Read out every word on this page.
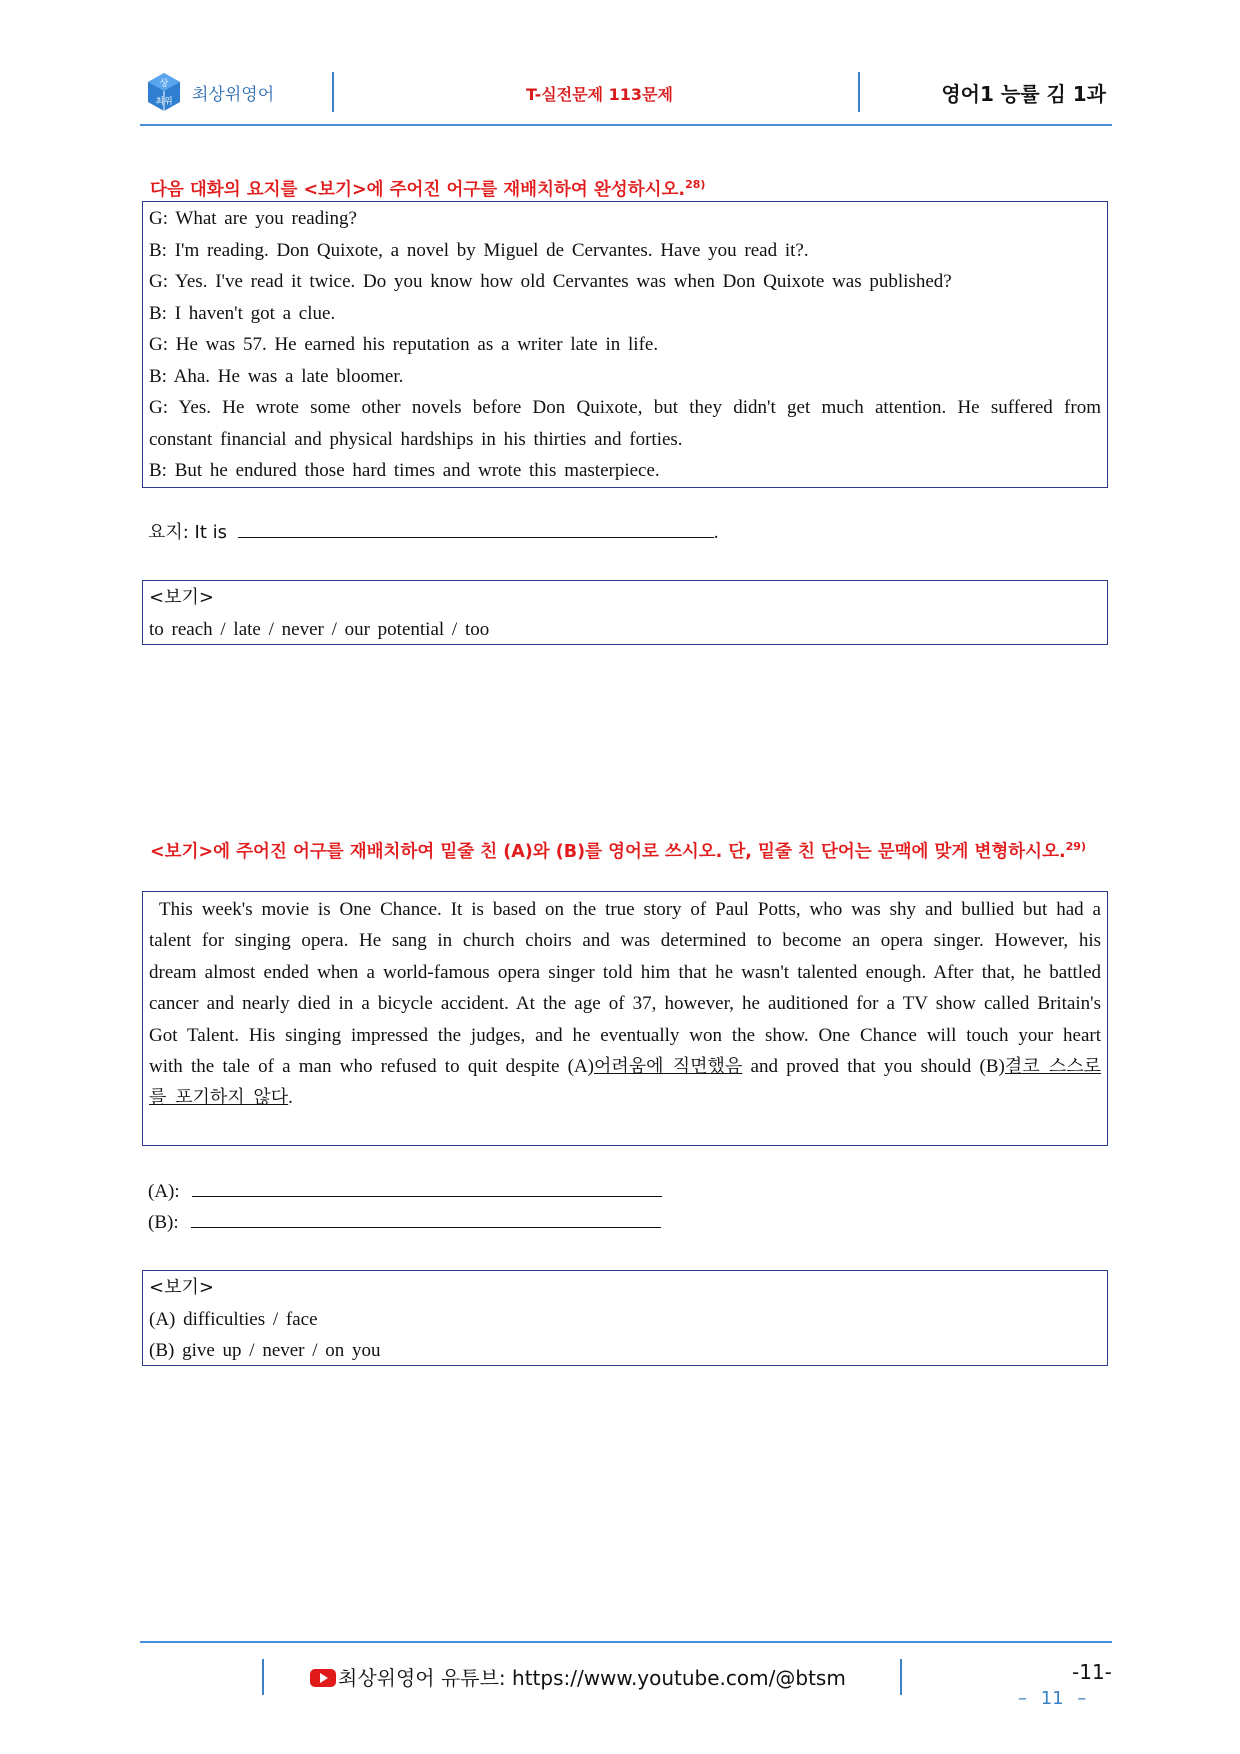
상
최위 최상위영어	T-실전문제 113문제	영어1 능률 김 1과
다음 대화의 요지를 <보기>에 주어진 어구를 재배치하여 완성하시오.$^{28)}$
G: What are you reading?
B: I'm reading. Don Quixote, a novel by Miguel de Cervantes. Have you read it?.
G: Yes. I've read it twice. Do you know how old Cervantes was when Don Quixote was published?
B: I haven't got a clue.
G: He was 57. He earned his reputation as a writer late in life.
B: Aha. He was a late bloomer.
G: Yes. He wrote some other novels before Don Quixote, but they didn't get much attention. He suffered from constant financial and physical hardships in his thirties and forties.
B: But he endured those hard times and wrote this masterpiece.
요지: It is	.
<보기>
to reach / late / never / our potential / too
<보기>에 주어진 어구를 재배치하여 밑줄 친 (A)와 (B)를 영어로 쓰시오. 단, 밑줄 친 단어는 문맥에 맞게 변형하시오.$^{29)}$
This week's movie is One Chance. It is based on the true story of Paul Potts, who was shy and bullied but had a talent for singing opera. He sang in church choirs and was determined to become an opera singer. However, his dream almost ended when a world-famous opera singer told him that he wasn't talented enough. After that, he battled cancer and nearly died in a bicycle accident. At the age of 37, however, he auditioned for a TV show called Britain's Got Talent. His singing impressed the judges, and he eventually won the show. One Chance will touch your heart with the tale of a man who refused to quit despite (A)어려움에 직면했음 and proved that you should (B)결코 스스로를 포기하지 않다.
(A):
(B):
<보기>
(A) difficulties / face
(B) give up / never / on you
최상위영어 유튜브: https://www.youtube.com/@btsm	-11-
– 11 –
